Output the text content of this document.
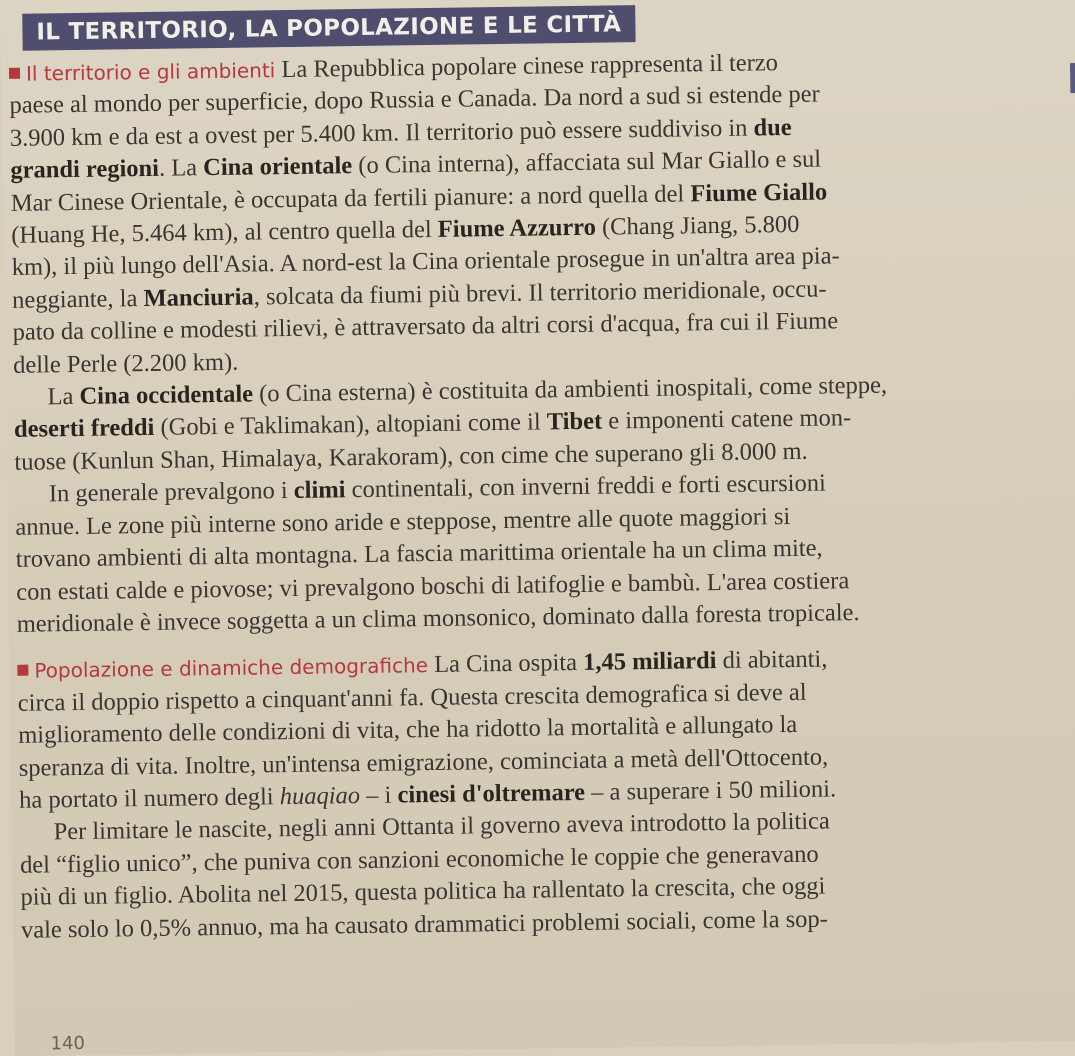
IL TERRITORIO, LA POPOLAZIONE E LE CITTÀ
Il territorio e gli ambienti La Repubblica popolare cinese rappresenta il terzo
paese al mondo per superficie, dopo Russia e Canada. Da nord a sud si estende per
3.900 km e da est a ovest per 5.400 km. Il territorio può essere suddiviso in due
grandi regioni. La Cina orientale (o Cina interna), affacciata sul Mar Giallo e sul
Mar Cinese Orientale, è occupata da fertili pianure: a nord quella del Fiume Giallo
(Huang He, 5.464 km), al centro quella del Fiume Azzurro (Chang Jiang, 5.800
km), il più lungo dell'Asia. A nord-est la Cina orientale prosegue in un'altra area pia-
neggiante, la Manciuria, solcata da fiumi più brevi. Il territorio meridionale, occu-
pato da colline e modesti rilievi, è attraversato da altri corsi d'acqua, fra cui il Fiume
delle Perle (2.200 km).
La Cina occidentale (o Cina esterna) è costituita da ambienti inospitali, come steppe,
deserti freddi (Gobi e Taklimakan), altopiani come il Tibet e imponenti catene mon-
tuose (Kunlun Shan, Himalaya, Karakoram), con cime che superano gli 8.000 m.
In generale prevalgono i climi continentali, con inverni freddi e forti escursioni
annue. Le zone più interne sono aride e steppose, mentre alle quote maggiori si
trovano ambienti di alta montagna. La fascia marittima orientale ha un clima mite,
con estati calde e piovose; vi prevalgono boschi di latifoglie e bambù. L'area costiera
meridionale è invece soggetta a un clima monsonico, dominato dalla foresta tropicale.
Popolazione e dinamiche demografiche La Cina ospita 1,45 miliardi di abitanti,
circa il doppio rispetto a cinquant'anni fa. Questa crescita demografica si deve al
miglioramento delle condizioni di vita, che ha ridotto la mortalità e allungato la
speranza di vita. Inoltre, un'intensa emigrazione, cominciata a metà dell'Ottocento,
ha portato il numero degli huaqiao – i cinesi d'oltremare – a superare i 50 milioni.
Per limitare le nascite, negli anni Ottanta il governo aveva introdotto la politica
del “figlio unico”, che puniva con sanzioni economiche le coppie che generavano
più di un figlio. Abolita nel 2015, questa politica ha rallentato la crescita, che oggi
vale solo lo 0,5% annuo, ma ha causato drammatici problemi sociali, come la sop-
140
